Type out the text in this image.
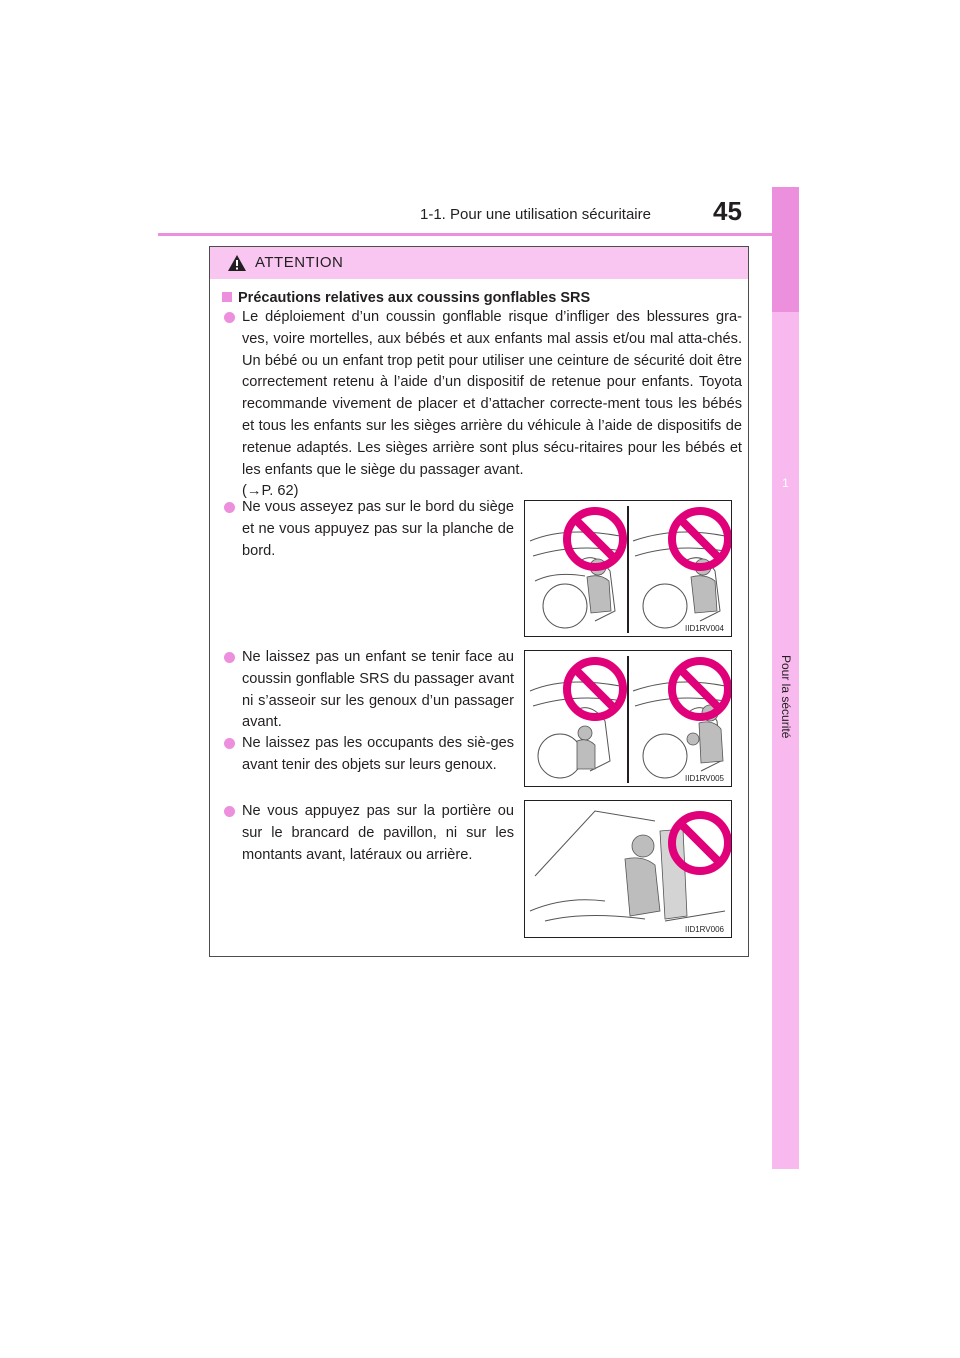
1
Pour la sécurité
1-1. Pour une utilisation sécuritaire 45
ATTENTION
Précautions relatives aux coussins gonflables SRS
Le déploiement d’un coussin gonflable risque d’infliger des blessures gra-ves, voire mortelles, aux bébés et aux enfants mal assis et/ou mal atta-chés. Un bébé ou un enfant trop petit pour utiliser une ceinture de sécurité doit être correctement retenu à l’aide d’un dispositif de retenue pour enfants. Toyota recommande vivement de placer et d’attacher correcte-ment tous les bébés et tous les enfants sur les sièges arrière du véhicule à l’aide de dispositifs de retenue adaptés. Les sièges arrière sont plus sécu-ritaires pour les bébés et les enfants que le siège du passager avant.
(→P. 62)
Ne vous asseyez pas sur le bord du siège et ne vous appuyez pas sur la planche de bord.
Ne laissez pas un enfant se tenir face au coussin gonflable SRS du passager avant ni s’asseoir sur les genoux d’un passager avant.
Ne laissez pas les occupants des siè-ges avant tenir des objets sur leurs genoux.
Ne vous appuyez pas sur la portière ou sur le brancard de pavillon, ni sur les montants avant, latéraux ou arrière.
IID1RV004
IID1RV005
IID1RV006
